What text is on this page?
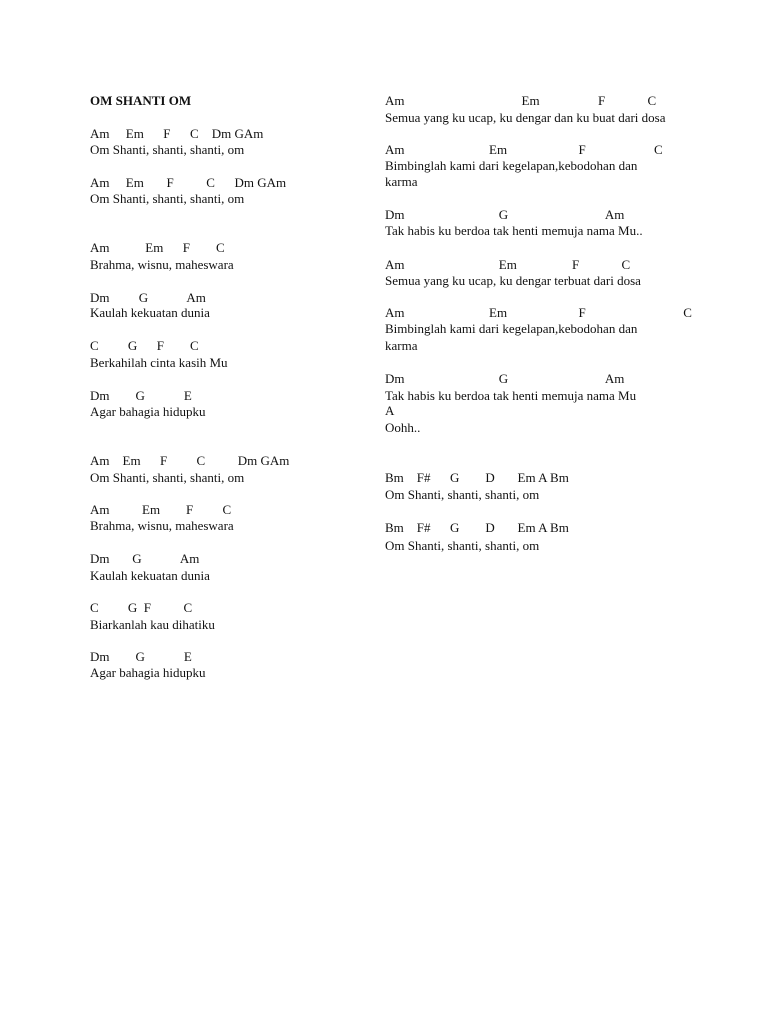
OM SHANTI OM
Am     Em      F      C    Dm GAm
Om Shanti, shanti, shanti, om
Am     Em       F          C      Dm GAm
Om Shanti, shanti, shanti, om
Am           Em      F        C
Brahma, wisnu, maheswara
Dm         G            Am
Kaulah kekuatan dunia
C         G      F        C
Berkahilah cinta kasih Mu
Dm        G            E
Agar bahagia hidupku
Am    Em      F         C          Dm GAm
Om Shanti, shanti, shanti, om
Am          Em        F         C
Brahma, wisnu, maheswara
Dm       G            Am
Kaulah kekuatan dunia
C         G  F          C
Biarkanlah kau dihatiku
Dm        G            E
Agar bahagia hidupku
Am                                    Em                  F             C
Semua yang ku ucap, ku dengar dan ku buat dari dosa
Am                          Em                      F                     C
Bimbinglah kami dari kegelapan,kebodohan dan
karma
Dm                             G                              Am
Tak habis ku berdoa tak henti memuja nama Mu..
Am                             Em                 F             C
Semua yang ku ucap, ku dengar terbuat dari dosa
Am                          Em                      F                              C
Bimbinglah kami dari kegelapan,kebodohan dan
karma
Dm                             G                              Am
Tak habis ku berdoa tak henti memuja nama Mu
A
Oohh..
Bm    F#      G        D       Em A Bm
Om Shanti, shanti, shanti, om
Bm    F#      G        D       Em A Bm
Om Shanti, shanti, shanti, om
